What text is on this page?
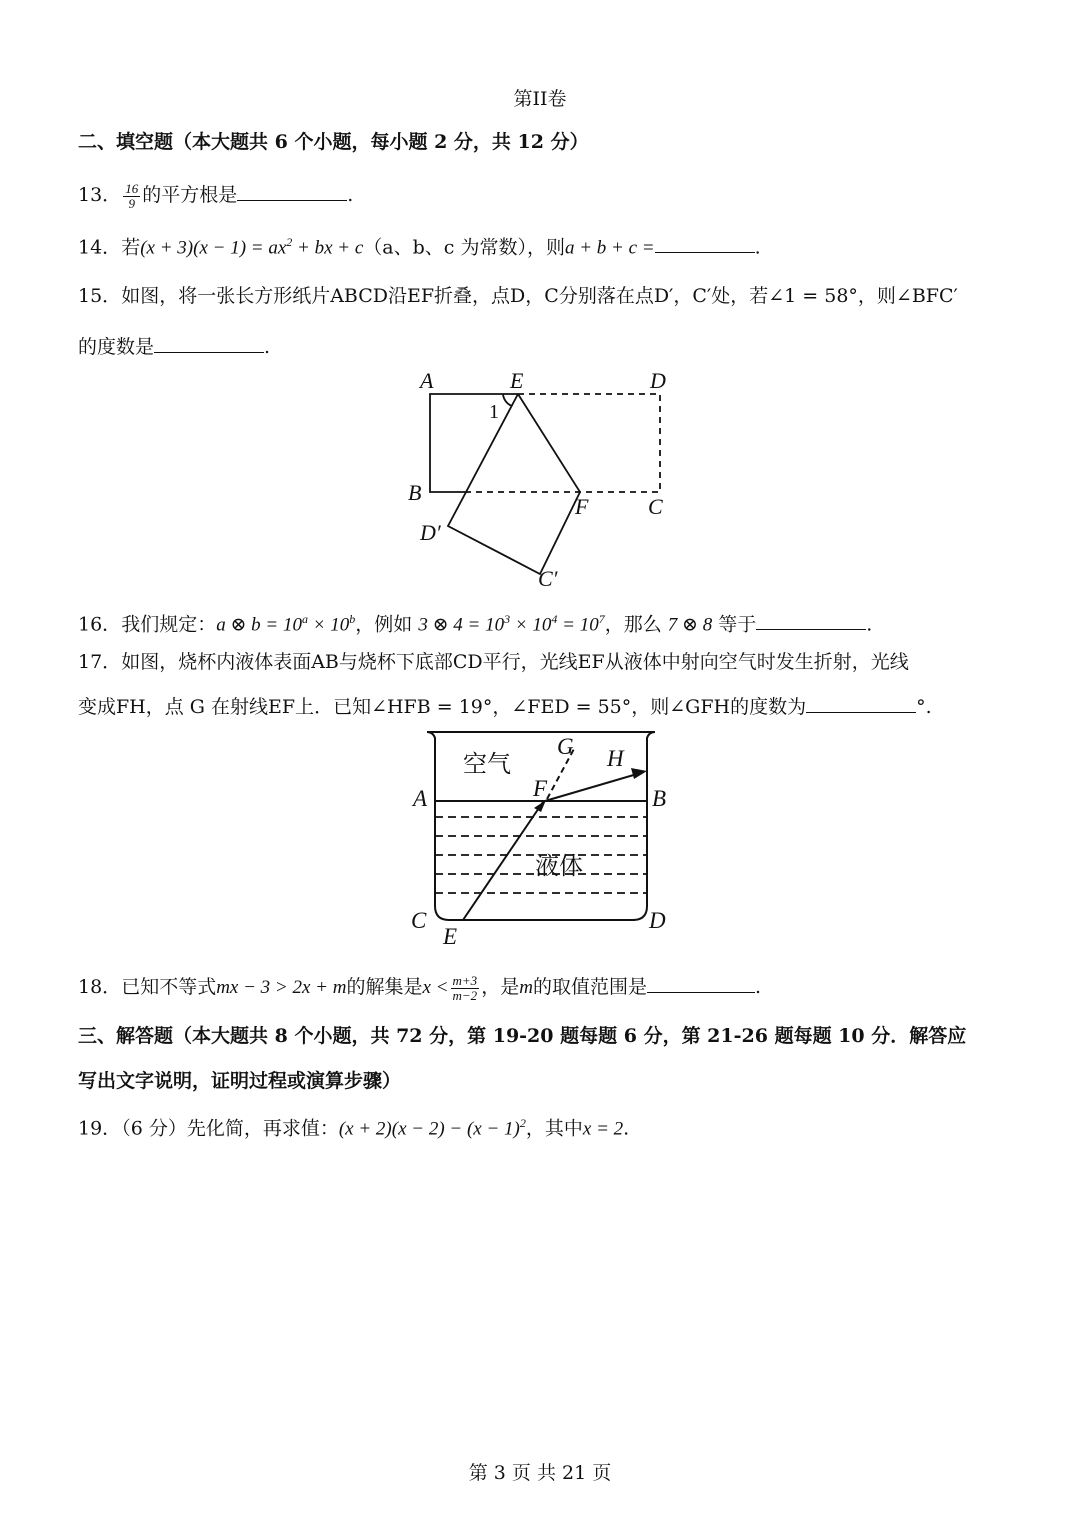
第II卷
二、填空题（本大题共 6 个小题，每小题 2 分，共 12 分）
13． $\frac{16}{9}$ 的平方根是	.
14．若$(x + 3)(x - 1) = ax^2$ + bx + c（a、b、c 为常数），则a + b + c =	.
15．如图，将一张长方形纸片ABCD沿EF折叠，点D，C分别落在点D′，C′处，若∠1 = 58°，则∠BFC′
的度数是	.
A	E	D
1
B
F	C
D′
C′
16．我们规定：a ⊗ $b = 10^a \times 10^b$，例如 3 ⊗ $4 = 10^3 \times 10^4 = 10^7$，那么 7 ⊗ 8 等于	.
17．如图，烧杯内液体表面AB与烧杯下底部CD平行，光线EF从液体中射向空气时发生折射，光线
变成FH，点 G 在射线EF上．已知∠HFB = 19°，∠FED = 55°，则∠GFH的度数为	°.
空气
液体
G H
F
A	B
C	D
E
18．已知不等式mx − 3 > 2x + m的解集是$x < \frac{m+3}{m-2}$ ，是m的取值范围是	.
三、解答题（本大题共 8 个小题，共 72 分，第 19-20 题每题 6 分，第 21-26 题每题 10 分．解答应
写出文字说明，证明过程或演算步骤）
19．（6 分）先化简，再求值：$(x + 2)(x - 2) - (x - 1)^2$，其中x = 2.
第 3 页 共 21 页
